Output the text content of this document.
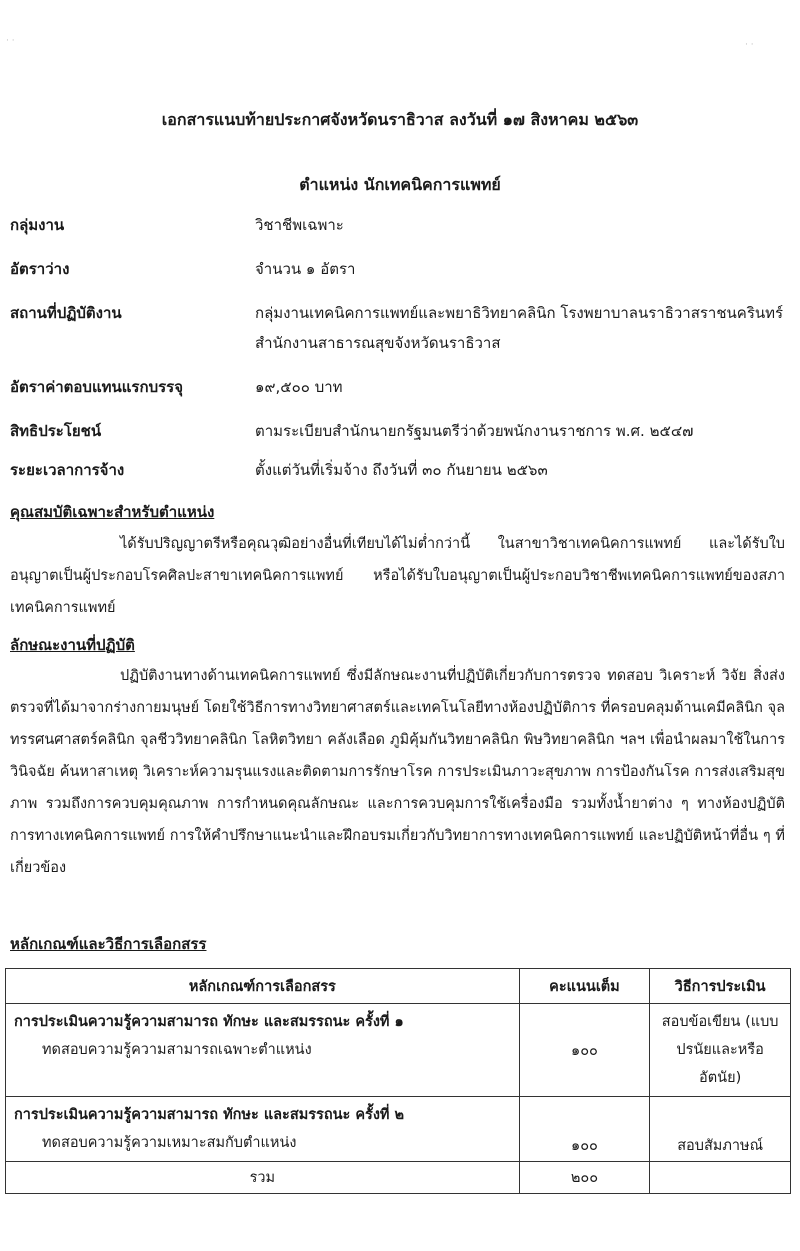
· ·	· ·
เอกสารแนบท้ายประกาศจังหวัดนราธิวาส ลงวันที่ ๑๗ สิงหาคม ๒๕๖๓
ตำแหน่ง นักเทคนิคการแพทย์
กลุ่มงาน	วิชาชีพเฉพาะ
อัตราว่าง	จำนวน ๑ อัตรา
สถานที่ปฏิบัติงาน	กลุ่มงานเทคนิคการแพทย์และพยาธิวิทยาคลินิก โรงพยาบาลนราธิวาสราชนครินทร์ สำนักงานสาธารณสุขจังหวัดนราธิวาส
อัตราค่าตอบแทนแรกบรรจุ	๑๙,๕๐๐ บาท
สิทธิประโยชน์	ตามระเบียบสำนักนายกรัฐมนตรีว่าด้วยพนักงานราชการ พ.ศ. ๒๕๔๗
ระยะเวลาการจ้าง	ตั้งแต่วันที่เริ่มจ้าง ถึงวันที่ ๓๐ กันยายน ๒๕๖๓
คุณสมบัติเฉพาะสำหรับตำแหน่ง
ได้รับปริญญาตรีหรือคุณวุฒิอย่างอื่นที่เทียบได้ไม่ต่ำกว่านี้ ในสาขาวิชาเทคนิคการแพทย์ และได้รับใบอนุญาตเป็นผู้ประกอบโรคศิลปะสาขาเทคนิคการแพทย์ หรือได้รับใบอนุญาตเป็นผู้ประกอบวิชาชีพเทคนิคการแพทย์ของสภาเทคนิคการแพทย์
ลักษณะงานที่ปฏิบัติ
ปฏิบัติงานทางด้านเทคนิคการแพทย์ ซึ่งมีลักษณะงานที่ปฏิบัติเกี่ยวกับการตรวจ ทดสอบ วิเคราะห์ วิจัย สิ่งส่งตรวจที่ได้มาจากร่างกายมนุษย์ โดยใช้วิธีการทางวิทยาศาสตร์และเทคโนโลยีทางห้องปฏิบัติการ ที่ครอบคลุมด้านเคมีคลินิก จุลทรรศนศาสตร์คลินิก จุลชีววิทยาคลินิก โลหิตวิทยา คลังเลือด ภูมิคุ้มกันวิทยาคลินิก พิษวิทยาคลินิก ฯลฯ เพื่อนำผลมาใช้ในการวินิจฉัย ค้นหาสาเหตุ วิเคราะห์ความรุนแรงและติดตามการรักษาโรค การประเมินภาวะสุขภาพ การป้องกันโรค การส่งเสริมสุขภาพ รวมถึงการควบคุมคุณภาพ การกำหนดคุณลักษณะ และการควบคุมการใช้เครื่องมือ รวมทั้งน้ำยาต่าง ๆ ทางห้องปฏิบัติการทางเทคนิคการแพทย์ การให้คำปรึกษาแนะนำและฝึกอบรมเกี่ยวกับวิทยาการทางเทคนิคการแพทย์ และปฏิบัติหน้าที่อื่น ๆ ที่เกี่ยวข้อง
หลักเกณฑ์และวิธีการเลือกสรร
หลักเกณฑ์การเลือกสรร	คะแนนเต็ม	วิธีการประเมิน

การประเมินความรู้ความสามารถ ทักษะ และสมรรถนะ ครั้งที่ ๑
ทดสอบความรู้ความสามารถเฉพาะตำแหน่ง	๑๐๐	สอบข้อเขียน (แบบปรนัยและหรืออัตนัย)

การประเมินความรู้ความสามารถ ทักษะ และสมรรถนะ ครั้งที่ ๒
ทดสอบความรู้ความเหมาะสมกับตำแหน่ง	๑๐๐	สอบสัมภาษณ์
รวม	๒๐๐	
